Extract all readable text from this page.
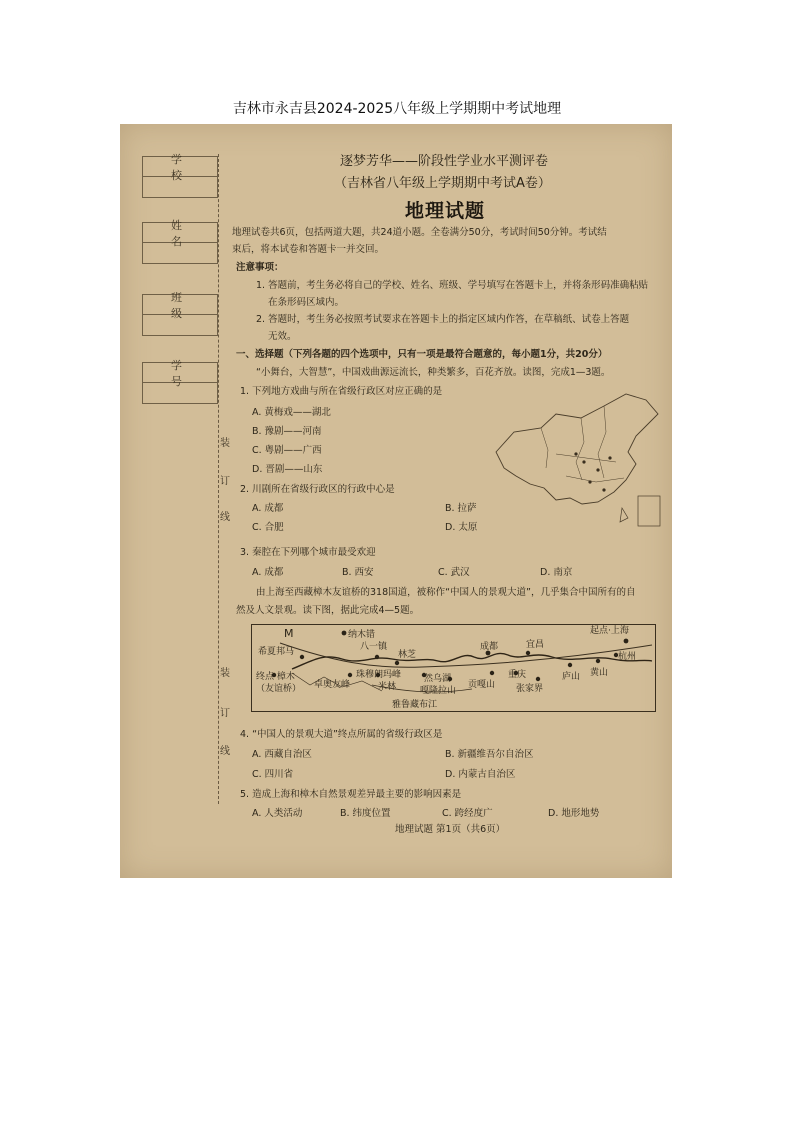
吉林市永吉县2024-2025八年级上学期期中考试地理
学校
姓名
班级
学号
装
订
线
装
订
线
逐梦芳华——阶段性学业水平测评卷
（吉林省八年级上学期期中考试A卷）
地理试题
地理试卷共6页，包括两道大题，共24道小题。全卷满分50分，考试时间50分钟。考试结
束后，将本试卷和答题卡一并交回。
注意事项：
1. 答题前，考生务必将自己的学校、姓名、班级、学号填写在答题卡上，并将条形码准确粘贴
在条形码区域内。
2. 答题时，考生务必按照考试要求在答题卡上的指定区域内作答，在草稿纸、试卷上答题
无效。
一、选择题（下列各题的四个选项中，只有一项是最符合题意的，每小题1分，共20分）
“小舞台，大智慧”，中国戏曲源远流长，种类繁多，百花齐放。读图，完成1—3题。
1. 下列地方戏曲与所在省级行政区对应正确的是
A. 黄梅戏——湖北
B. 豫剧——河南
C. 粤剧——广西
D. 晋剧——山东
2. 川剧所在省级行政区的行政中心是
A. 成都	B. 拉萨
C. 合肥	D. 太原
3. 秦腔在下列哪个城市最受欢迎
A. 成都	B. 西安	C. 武汉	D. 南京
由上海至西藏樟木友谊桥的318国道，被称作“中国人的景观大道”，几乎集合中国所有的自
然及人文景观。读下图，据此完成4—5题。
M	纳木错
希夏邦马	八一镇
林芝
成都	宜昌
起点·上海
杭州
终点·樟木
（友谊桥） 卓奥友峰
珠穆朗玛峰
米林
然乌湖
嘎隆拉山
贡嘎山
重庆
张家界
庐山 黄山
雅鲁藏布江
4. “中国人的景观大道”终点所属的省级行政区是
A. 西藏自治区	B. 新疆维吾尔自治区
C. 四川省	D. 内蒙古自治区
5. 造成上海和樟木自然景观差异最主要的影响因素是
A. 人类活动	B. 纬度位置	C. 跨经度广	D. 地形地势
地理试题 第1页（共6页）
